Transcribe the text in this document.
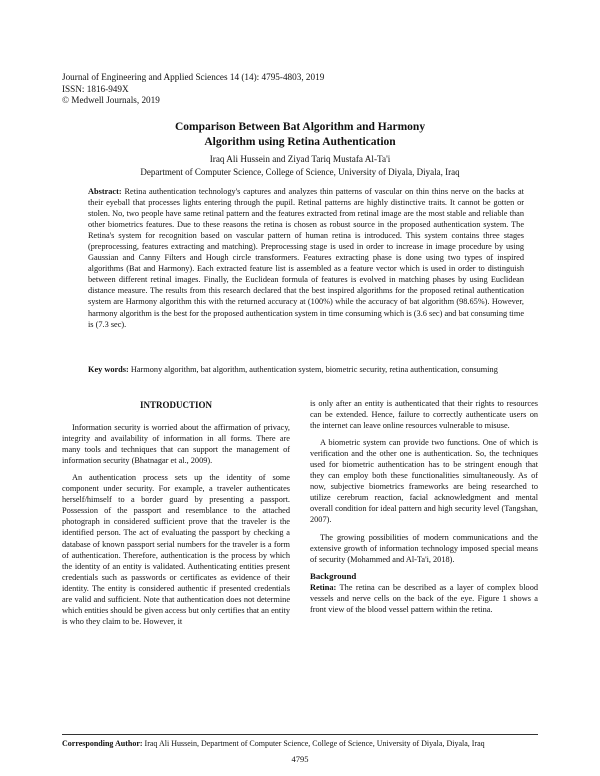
Journal of Engineering and Applied Sciences 14 (14): 4795-4803, 2019
ISSN: 1816-949X
© Medwell Journals, 2019
Comparison Between Bat Algorithm and Harmony
Algorithm using Retina Authentication
Iraq Ali Hussein and Ziyad Tariq Mustafa Al-Ta'i
Department of Computer Science, College of Science, University of Diyala, Diyala, Iraq
Abstract: Retina authentication technology's captures and analyzes thin patterns of vascular on thin thins nerve on the backs at their eyeball that processes lights entering through the pupil. Retinal patterns are highly distinctive traits. It cannot be gotten or stolen. No, two people have same retinal pattern and the features extracted from retinal image are the most stable and reliable than other biometrics features. Due to these reasons the retina is chosen as robust source in the proposed authentication system. The Retina's system for recognition based on vascular pattern of human retina is introduced. This system contains three stages (preprocessing, features extracting and matching). Preprocessing stage is used in order to increase in image procedure by using Gaussian and Canny Filters and Hough circle transformers. Features extracting phase is done using two types of inspired algorithms (Bat and Harmony). Each extracted feature list is assembled as a feature vector which is used in order to distinguish between different retinal images. Finally, the Euclidean formula of features is evolved in matching phases by using Euclidean distance measure. The results from this research declared that the best inspired algorithms for the proposed retinal authentication system are Harmony algorithm this with the returned accuracy at (100%) while the accuracy of bat algorithm (98.65%). However, harmony algorithm is the best for the proposed authentication system in time consuming which is (3.6 sec) and bat consuming time is (7.3 sec).
Key words: Harmony algorithm, bat algorithm, authentication system, biometric security, retina authentication, consuming
INTRODUCTION

Information security is worried about the affirmation of privacy, integrity and availability of information in all forms. There are many tools and techniques that can support the management of information security (Bhatnagar et al., 2009).

An authentication process sets up the identity of some component under security. For example, a traveler authenticates herself/himself to a border guard by presenting a passport. Possession of the passport and resemblance to the attached photograph in considered sufficient prove that the traveler is the identified person. The act of evaluating the passport by checking a database of known passport serial numbers for the traveler is a form of authentication. Therefore, authentication is the process by which the identity of an entity is validated. Authenticating entities present credentials such as passwords or certificates as evidence of their identity. The entity is considered authentic if presented credentials are valid and sufficient. Note that authentication does not determine which entities should be given access but only certifies that an entity is who they claim to be. However, it

is only after an entity is authenticated that their rights to resources can be extended. Hence, failure to correctly authenticate users on the internet can leave online resources vulnerable to misuse.

A biometric system can provide two functions. One of which is verification and the other one is authentication. So, the techniques used for biometric authentication has to be stringent enough that they can employ both these functionalities simultaneously. As of now, subjective biometrics frameworks are being researched to utilize cerebrum reaction, facial acknowledgment and mental overall condition for ideal pattern and high security level (Tangshan, 2007).

The growing possibilities of modern communications and the extensive growth of information technology imposed special means of security (Mohammed and Al-Ta'i, 2018).

Background

Retina: The retina can be described as a layer of complex blood vessels and nerve cells on the back of the eye. Figure 1 shows a front view of the blood vessel pattern within the retina.

Corresponding Author: Iraq Ali Hussein, Department of Computer Science, College of Science, University of Diyala, Diyala, Iraq
4795
